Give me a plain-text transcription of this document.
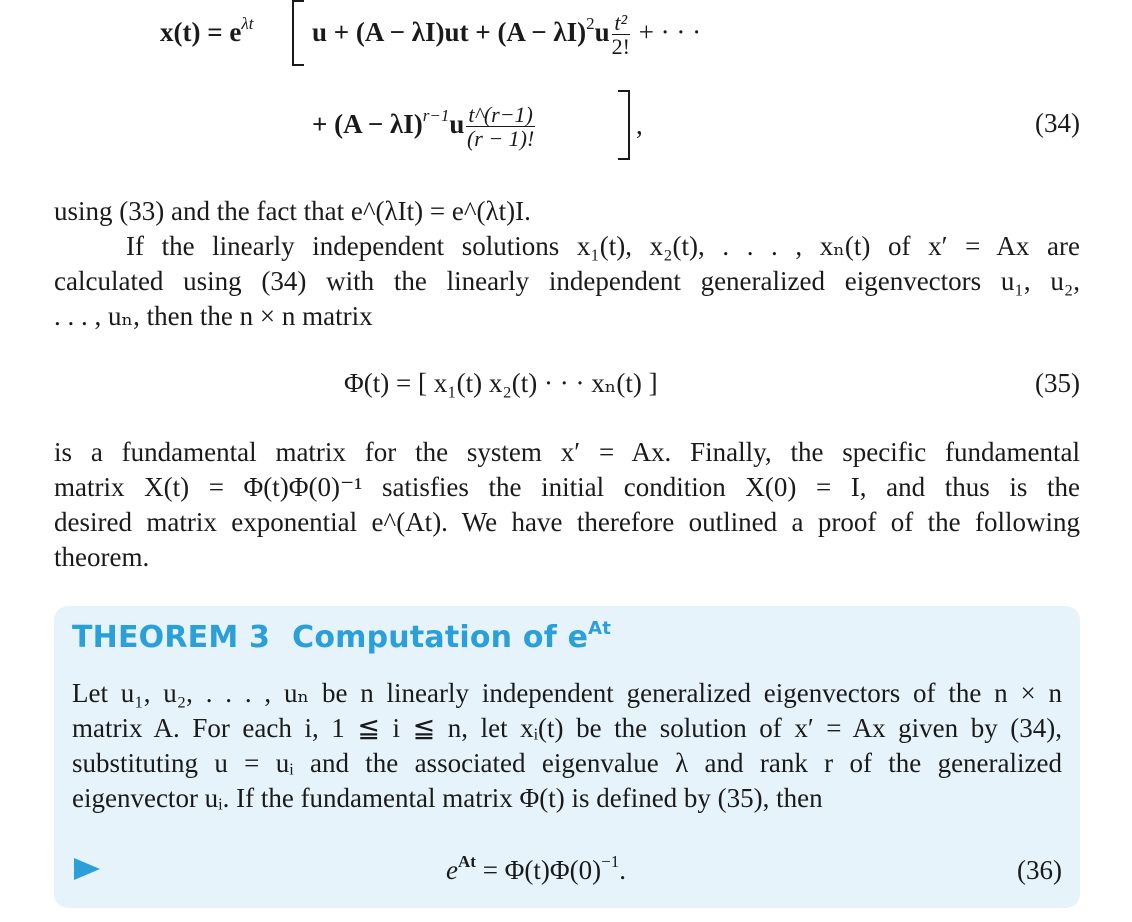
$x(t) = e^{\lambda t}$ $u + (A - \lambda I)ut + (A - \lambda I)^2u \frac{\text{t²}}{2!}$ + · · ·
+ $(A - \lambda I)^{r-1}u \frac{t\^{}(r-1)}{(r - 1)!}$	,	(34)
using (33) and the fact that e^(λIt) = e^(λt)I.
If the linearly independent solutions x₁(t), x₂(t), . . . , xₙ(t) of x′ = Ax are
calculated using (34) with the linearly independent generalized eigenvectors u₁, u₂,
. . . , uₙ, then the n × n matrix
Φ(t) = [ x₁(t) x₂(t) · · · xₙ(t) ]	(35)
is a fundamental matrix for the system x′ = Ax. Finally, the specific fundamental
matrix X(t) = Φ(t)Φ(0)⁻¹ satisfies the initial condition X(0) = I, and thus is the
desired matrix exponential e^(At). We have therefore outlined a proof of the following
theorem.
THEOREM 3 Computation of $e^{At}$
Let u₁, u₂, . . . , uₙ be n linearly independent generalized eigenvectors of the n × n
matrix A. For each i, 1 ≦ i ≦ n, let xᵢ(t) be the solution of x′ = Ax given by (34),
substituting u = uᵢ and the associated eigenvalue λ and rank r of the generalized
eigenvector uᵢ. If the fundamental matrix Φ(t) is defined by (35), then
$e^{At} = \Phi(t)\Phi(0)^{-1}$.	(36)
